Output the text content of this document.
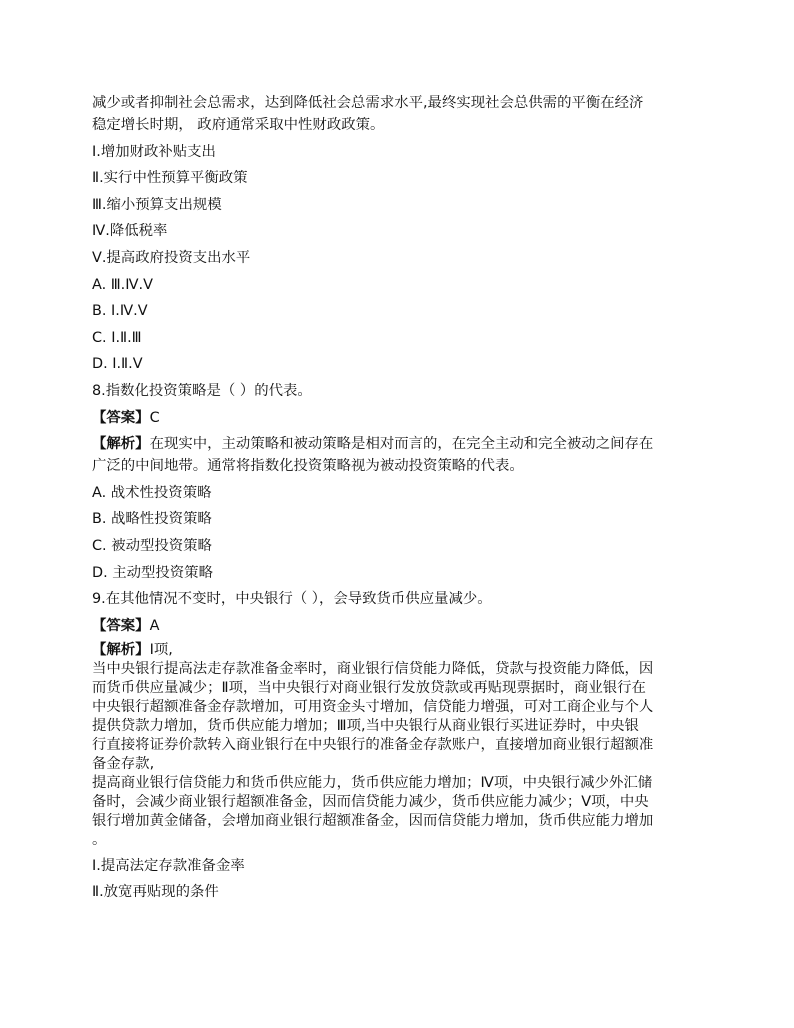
减少或者抑制社会总需求，达到降低社会总需求水平,最终实现社会总供需的平衡在经济
稳定增长时期， 政府通常采取中性财政政策。
Ⅰ.增加财政补贴支出
Ⅱ.实行中性预算平衡政策
Ⅲ.缩小预算支出规模
Ⅳ.降低税率
Ⅴ.提高政府投资支出水平
A. Ⅲ.Ⅳ.Ⅴ
B. Ⅰ.Ⅳ.Ⅴ
C. Ⅰ.Ⅱ.Ⅲ
D. Ⅰ.Ⅱ.Ⅴ
8.指数化投资策略是（ ）的代表。
【答案】C
【解析】在现实中，主动策略和被动策略是相对而言的，在完全主动和完全被动之间存在
广泛的中间地带。通常将指数化投资策略视为被动投资策略的代表。
A. 战术性投资策略
B. 战略性投资策略
C. 被动型投资策略
D. 主动型投资策略
9.在其他情况不变时，中央银行（ ），会导致货币供应量减少。
【答案】A
【解析】Ⅰ项,
当中央银行提高法走存款准备金率时，商业银行信贷能力降低，贷款与投资能力降低，因
而货币供应量减少；Ⅱ项，当中央银行对商业银行发放贷款或再贴现票据时，商业银行在
中央银行超额准备金存款增加，可用资金头寸增加，信贷能力增强，可对工商企业与个人
提供贷款力增加，货币供应能力增加；Ⅲ项,当中央银行从商业银行买进证券时，中央银
行直接将证券价款转入商业银行在中央银行的准备金存款账户，直接增加商业银行超额准
备金存款,
提高商业银行信贷能力和货币供应能力，货币供应能力增加；Ⅳ项，中央银行减少外汇储
备时，会减少商业银行超额准备金，因而信贷能力减少，货币供应能力减少；Ⅴ项，中央
银行增加黄金储备，会增加商业银行超额准备金，因而信贷能力增加，货币供应能力增加
。
Ⅰ.提高法定存款准备金率
Ⅱ.放宽再贴现的条件
